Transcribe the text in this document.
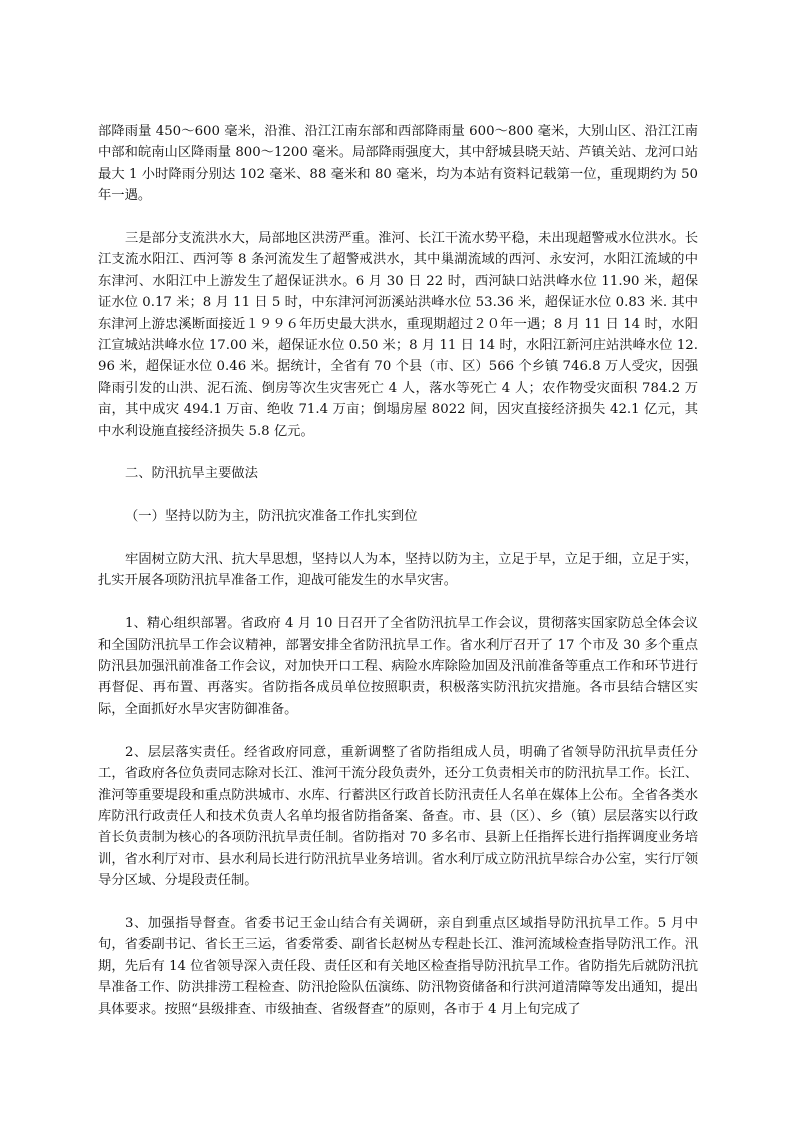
部降雨量 450～600 毫米，沿淮、沿江江南东部和西部降雨量 600～800 毫米，大别山区、沿江江南中部和皖南山区降雨量 800～1200 毫米。局部降雨强度大，其中舒城县晓天站、芦镇关站、龙河口站最大 1 小时降雨分别达 102 毫米、88 毫米和 80 毫米，均为本站有资料记载第一位，重现期约为 50 年一遇。

三是部分支流洪水大，局部地区洪涝严重。淮河、长江干流水势平稳，未出现超警戒水位洪水。长江支流水阳江、西河等 8 条河流发生了超警戒洪水，其中巢湖流域的西河、永安河，水阳江流域的中东津河、水阳江中上游发生了超保证洪水。6 月 30 日 22 时，西河缺口站洪峰水位 11.90 米，超保证水位 0.17 米；8 月 11 日 5 时，中东津河河沥溪站洪峰水位 53.36 米，超保证水位 0.83 米. 其中东津河上游忠溪断面接近１９９６年历史最大洪水，重现期超过２０年一遇；8 月 11 日 14 时，水阳江宣城站洪峰水位 17.00 米，超保证水位 0.50 米；8 月 11 日 14 时，水阳江新河庄站洪峰水位 12.96 米，超保证水位 0.46 米。据统计，全省有 70 个县（市、区）566 个乡镇 746.8 万人受灾，因强降雨引发的山洪、泥石流、倒房等次生灾害死亡 4 人，落水等死亡 4 人；农作物受灾面积 784.2 万亩，其中成灾 494.1 万亩、绝收 71.4 万亩；倒塌房屋 8022 间，因灾直接经济损失 42.1 亿元，其中水利设施直接经济损失 5.8 亿元。

二、防汛抗旱主要做法

（一）坚持以防为主，防汛抗灾准备工作扎实到位

牢固树立防大汛、抗大旱思想，坚持以人为本，坚持以防为主，立足于早，立足于细，立足于实，扎实开展各项防汛抗旱准备工作，迎战可能发生的水旱灾害。

1、精心组织部署。省政府 4 月 10 日召开了全省防汛抗旱工作会议，贯彻落实国家防总全体会议和全国防汛抗旱工作会议精神，部署安排全省防汛抗旱工作。省水利厅召开了 17 个市及 30 多个重点防汛县加强汛前准备工作会议，对加快开口工程、病险水库除险加固及汛前准备等重点工作和环节进行再督促、再布置、再落实。省防指各成员单位按照职责，积极落实防汛抗灾措施。各市县结合辖区实际，全面抓好水旱灾害防御准备。

2、层层落实责任。经省政府同意，重新调整了省防指组成人员，明确了省领导防汛抗旱责任分工，省政府各位负责同志除对长江、淮河干流分段负责外，还分工负责相关市的防汛抗旱工作。长江、淮河等重要堤段和重点防洪城市、水库、行蓄洪区行政首长防汛责任人名单在媒体上公布。全省各类水库防汛行政责任人和技术负责人名单均报省防指备案、备查。市、县（区）、乡（镇）层层落实以行政首长负责制为核心的各项防汛抗旱责任制。省防指对 70 多名市、县新上任指挥长进行指挥调度业务培训，省水利厅对市、县水利局长进行防汛抗旱业务培训。省水利厅成立防汛抗旱综合办公室，实行厅领导分区域、分堤段责任制。

3、加强指导督查。省委书记王金山结合有关调研，亲自到重点区域指导防汛抗旱工作。5 月中旬，省委副书记、省长王三运，省委常委、副省长赵树丛专程赴长江、淮河流域检查指导防汛工作。汛期，先后有 14 位省领导深入责任段、责任区和有关地区检查指导防汛抗旱工作。省防指先后就防汛抗旱准备工作、防洪排涝工程检查、防汛抢险队伍演练、防汛物资储备和行洪河道清障等发出通知，提出具体要求。按照“县级排查、市级抽查、省级督查”的原则，各市于 4 月上旬完成了
